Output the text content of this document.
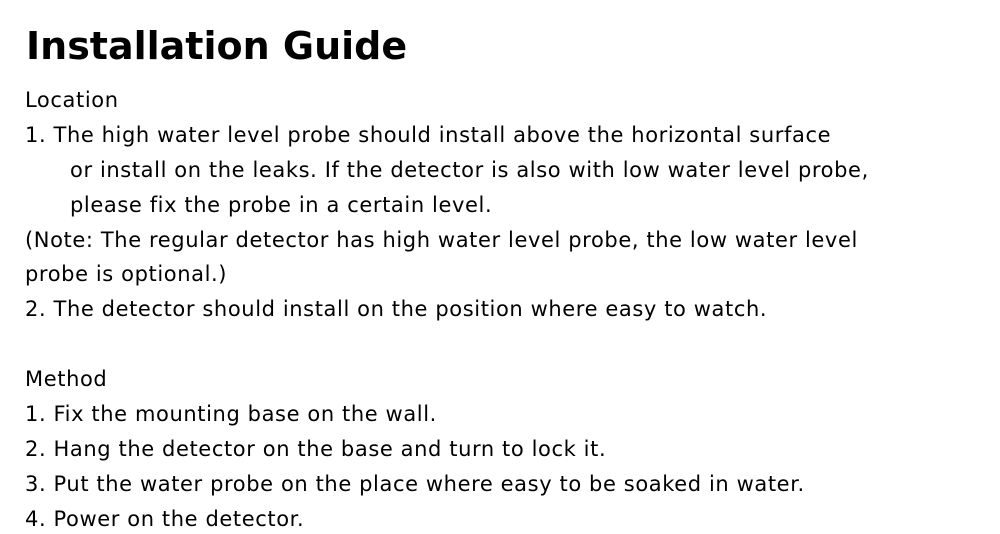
Installation Guide

Location

1. The high water level probe should install above the horizontal surface

or install on the leaks. If the detector is also with low water level probe,

please fix the probe in a certain level.

(Note: The regular detector has high water level probe, the low water level

probe is optional.)

2. The detector should install on the position where easy to watch.

Method

1. Fix the mounting base on the wall.

2. Hang the detector on the base and turn to lock it.

3. Put the water probe on the place where easy to be soaked in water.

4. Power on the detector.
